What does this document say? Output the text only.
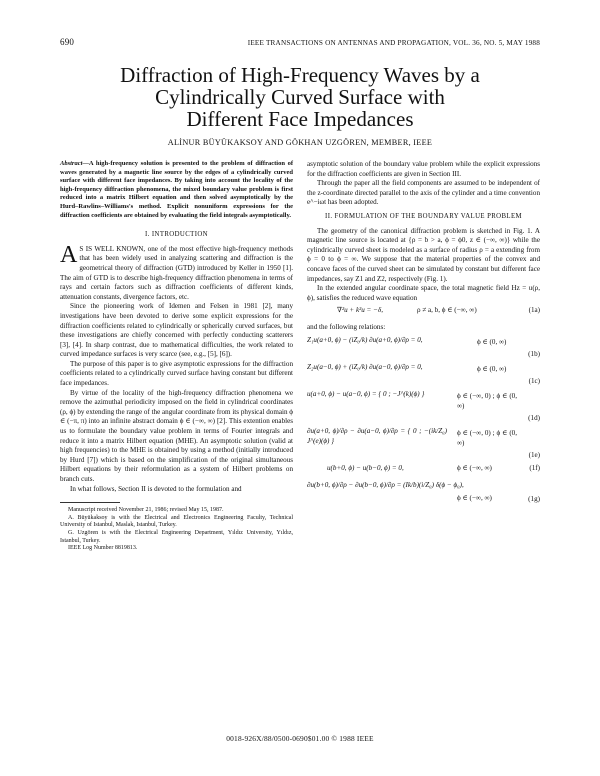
690	IEEE TRANSACTIONS ON ANTENNAS AND PROPAGATION, VOL. 36, NO. 5, MAY 1988
Diffraction of High-Frequency Waves by a
Cylindrically Curved Surface with
Different Face Impedances
ALİNUR BÜYÜKAKSOY AND GÖKHAN UZGÖREN, MEMBER, IEEE

Abstract—A high-frequency solution is presented to the problem of diffraction of waves generated by a magnetic line source by the edges of a cylindrically curved surface with different face impedances. By taking into account the locality of the high-frequency diffraction phenomena, the mixed boundary value problem is first reduced into a matrix Hilbert equation and then solved asymptotically by the Hurd–Rawlins–Williams's method. Explicit nonuniform expressions for the diffraction coefficients are obtained by evaluating the field integrals asymptotically.

I. INTRODUCTION

A S IS WELL KNOWN, one of the most effective high-frequency methods that has been widely used in analyzing scattering and diffraction is the geometrical theory of diffraction (GTD) introduced by Keller in 1950 [1]. The aim of GTD is to describe high-frequency diffraction phenomena in terms of rays and certain factors such as diffraction coefficients of different kinds, attenuation constants, divergence factors, etc.

Since the pioneering work of Idemen and Felsen in 1981 [2], many investigations have been devoted to derive some explicit expressions for the diffraction coefficients related to cylindrically or spherically curved surfaces, but these investigations are chiefly concerned with perfectly conducting scatterers [3], [4]. In sharp contrast, due to mathematical difficulties, the work related to curved impedance surfaces is very scarce (see, e.g., [5], [6]).

The purpose of this paper is to give asymptotic expressions for the diffraction coefficients related to a cylindrically curved surface having constant but different face impedances.

By virtue of the locality of the high-frequency diffraction phenomena we remove the azimuthal periodicity imposed on the field in cylindrical coordinates (ρ, ϕ) by extending the range of the angular coordinate from its physical domain ϕ ∈ (−π, π) into an infinite abstract domain ϕ ∈ (−∞, ∞) [2]. This extention enables us to formulate the boundary value problem in terms of Fourier integrals and reduce it into a matrix Hilbert equation (MHE). An asymptotic solution (valid at high frequencies) to the MHE is obtained by using a method (initially introduced by Hurd [7]) which is based on the simplification of the original simultaneous Hilbert equations by their reformulation as a system of Hilbert problems on branch cuts.

In what follows, Section II is devoted to the formulation and

Manuscript received November 21, 1986; revised May 15, 1987.

A. Büyükaksoy is with the Electrical and Electronics Engineering Faculty, Technical University of Istanbul, Maslak, Istanbul, Turkey.

G. Uzgören is with the Electrical Engineering Department, Yıldız University, Yıldız, Istanbul, Turkey.

IEEE Log Number 8819813.

asymptotic solution of the boundary value problem while the explicit expressions for the diffraction coefficients are given in Section III.

Through the paper all the field components are assumed to be independent of the z-coordinate directed parallel to the axis of the cylinder and a time convention e^−iωt has been adopted.

II. FORMULATION OF THE BOUNDARY VALUE PROBLEM

The geometry of the canonical diffraction problem is sketched in Fig. 1. A magnetic line source is located at {ρ = b > a, ϕ = ϕ0, z ∈ (−∞, ∞)} while the cylindrically curved sheet is modeled as a surface of radius ρ = a extending from ϕ = 0 to ϕ = ∞. We suppose that the material properties of the convex and concave faces of the curved sheet can be simulated by constant but different face impedances, say Z1 and Z2, respectively (Fig. 1).

In the extended angular coordinate space, the total magnetic field Hz = u(ρ, ϕ), satisfies the reduced wave equation

∇²u + k²u = −δ,	ρ ≠ a, b, ϕ ∈ (−∞, ∞)	(1a)

and the following relations:

Z₁u(a+0, ϕ) − (iZ₀/k) ∂u(a+0, ϕ)/∂ρ = 0,	ϕ ∈ (0, ∞)
(1b)
Z₂u(a−0, ϕ) + (iZ₀/k) ∂u(a−0, ϕ)/∂ρ = 0,	ϕ ∈ (0, ∞)
(1c)
u(a+0, ϕ) − u(a−0, ϕ) = { 0 ; −J^(k)(ϕ) }	ϕ ∈ (−∞, 0) ; ϕ ∈ (0, ∞)
(1d)
∂u(a+0, ϕ)/∂ρ − ∂u(a−0, ϕ)/∂ρ = { 0 ; −(ik/Z₀) J^(e)(ϕ) }
ϕ ∈ (−∞, 0) ; ϕ ∈ (0, ∞)
(1e)
u(b+0, ϕ) − u(b−0, ϕ) = 0,	ϕ ∈ (−∞, ∞)	(1f)
∂u(b+0, ϕ)/∂ρ − ∂u(b−0, ϕ)/∂ρ = (Ik/b)(i/Z₀) δ(ϕ − ϕ₀),
ϕ ∈ (−∞, ∞)	(1g)
0018-926X/88/0500-0690$01.00 © 1988 IEEE
